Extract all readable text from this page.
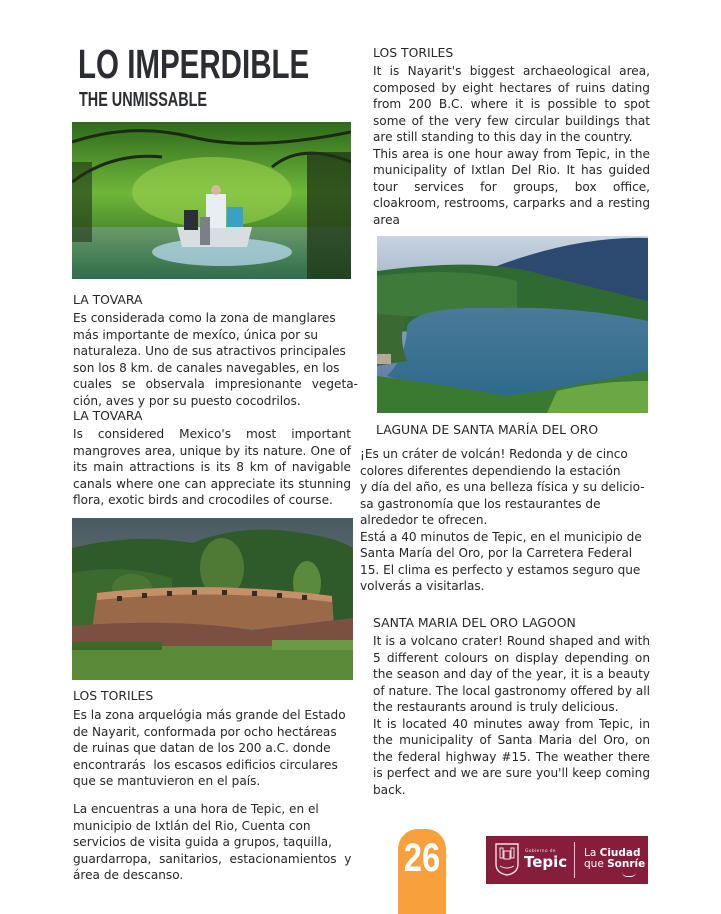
LO IMPERDIBLE
THE UNMISSABLE
LA TOVARA

Es considerada como la zona de manglares

más importante de mexíco, única por su

naturaleza. Uno de sus atractivos principales

son los 8 km. de canales navegables, en los

cuales se observala impresionante vegeta-

ción, aves y por su puesto cocodrilos.

LA TOVARA
Is considered Mexico's most important mangroves area, unique by its nature. One of its main attractions is its 8 km of navigable canals where one can appreciate its stunning flora, exotic birds and crocodiles of course.
LOS TORILES

Es la zona arquelógia más grande del Estado

de Nayarit, conformada por ocho hectáreas

de ruinas que datan de los 200 a.C. donde

encontrarás  los escasos edificios circulares

que se mantuvieron en el país.

La encuentras a una hora de Tepic, en el

municipio de Ixtlán del Rio, Cuenta con

servicios de visita guida a grupos, taquilla,

guardarropa,  sanitarios,  estacionamientos  y

área de descanso.

LOS TORILES

It is Nayarit's biggest archaeological area, composed by eight hectares of ruins dating from 200 B.C. where it is possible to spot some of the very few circular buildings that are still standing to this day in the country.

This area is one hour away from Tepic, in the municipality of Ixtlan Del Rio. It has guided tour services for groups, box office, cloakroom, restrooms, carparks and a resting area

LAGUNA DE SANTA MARÍA DEL ORO

¡Es un cráter de volcán! Redonda y de cinco

colores diferentes dependiendo la estación

y día del año, es una belleza física y su delicio-

sa gastronomía que los restaurantes de

alrededor te ofrecen.

Está a 40 minutos de Tepic, en el municipio de

Santa María del Oro, por la Carretera Federal

15. El clima es perfecto y estamos seguro que

volverás a visitarlas.

SANTA MARIA DEL ORO LAGOON

It is a volcano crater! Round shaped and with 5 different colours on display depending on the season and day of the year, it is a beauty of nature. The local gastronomy offered by all the restaurants around is truly delicious.

It is located 40 minutes away from Tepic, in the municipality of Santa Maria del Oro, on the federal highway #15. The weather there is perfect and we are sure you'll keep coming back.

26	Gobierno de
Tepic La Ciudad
que Sonríe
